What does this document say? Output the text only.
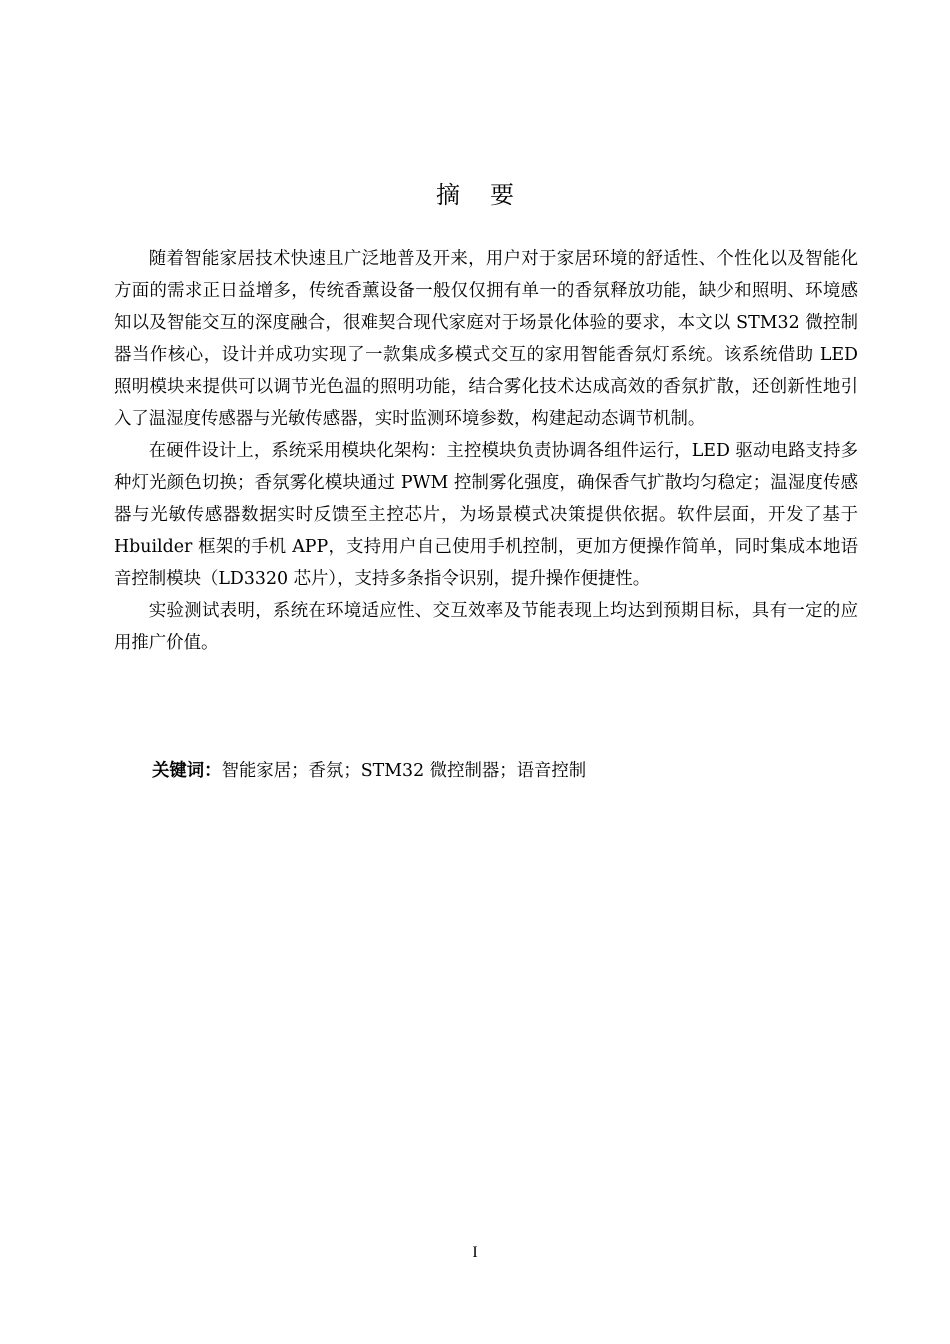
摘要

随着智能家居技术快速且广泛地普及开来，用户对于家居环境的舒适性、个性化以及智能化方面的需求正日益增多，传统香薰设备一般仅仅拥有单一的香氛释放功能，缺少和照明、环境感知以及智能交互的深度融合，很难契合现代家庭对于场景化体验的要求，本文以 STM32 微控制器当作核心，设计并成功实现了一款集成多模式交互的家用智能香氛灯系统。该系统借助 LED 照明模块来提供可以调节光色温的照明功能，结合雾化技术达成高效的香氛扩散，还创新性地引入了温湿度传感器与光敏传感器，实时监测环境参数，构建起动态调节机制。

在硬件设计上，系统采用模块化架构：主控模块负责协调各组件运行，LED 驱动电路支持多种灯光颜色切换；香氛雾化模块通过 PWM 控制雾化强度，确保香气扩散均匀稳定；温湿度传感器与光敏传感器数据实时反馈至主控芯片，为场景模式决策提供依据。软件层面，开发了基于 Hbuilder 框架的手机 APP，支持用户自己使用手机控制，更加方便操作简单，同时集成本地语音控制模块（LD3320 芯片），支持多条指令识别，提升操作便捷性。

实验测试表明，系统在环境适应性、交互效率及节能表现上均达到预期目标，具有一定的应用推广价值。

关键词：智能家居；香氛；STM32 微控制器；语音控制
I
